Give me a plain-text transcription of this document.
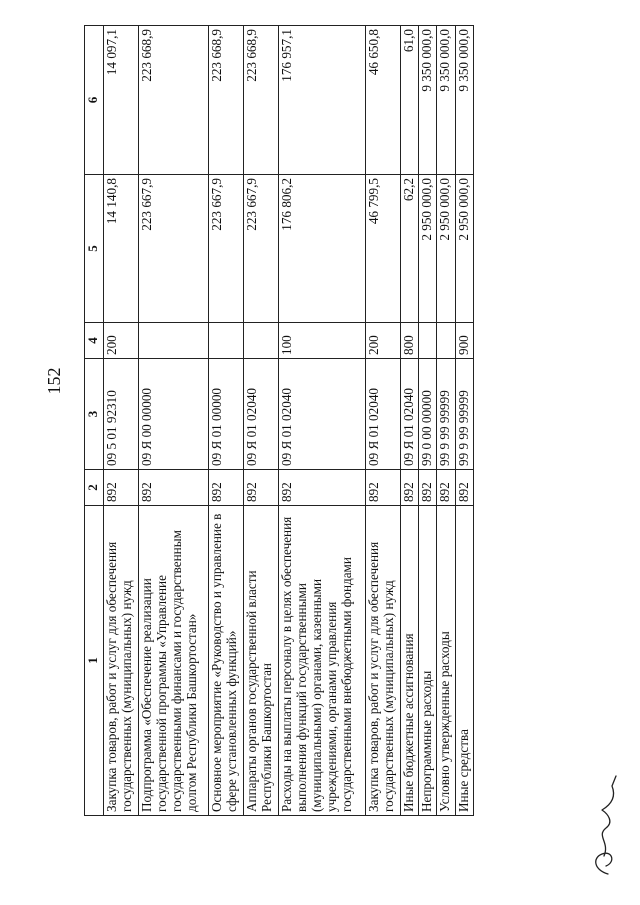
152
1	2	3	4	5	6
Закупка товаров, работ и услуг для обеспечения государственных (муниципальных) нужд	892	09 5 01 92310	200	14 140,8	14 097,1
Подпрограмма «Обеспечение реализации государственной программы «Управление государственными финансами и государственным долгом Республики Башкортостан»	892	09 Я 00 00000		223 667,9	223 668,9
Основное мероприятие «Руководство и управление в сфере установленных функций»	892	09 Я 01 00000		223 667,9	223 668,9
Аппараты органов государственной власти Республики Башкортостан	892	09 Я 01 02040		223 667,9	223 668,9
Расходы на выплаты персоналу в целях обеспечения выполнения функций государственными (муниципальными) органами, казенными учреждениями, органами управления государственными внебюджетными фондами	892	09 Я 01 02040	100	176 806,2	176 957,1
Закупка товаров, работ и услуг для обеспечения государственных (муниципальных) нужд	892	09 Я 01 02040	200	46 799,5	46 650,8
Иные бюджетные ассигнования	892	09 Я 01 02040	800	62,2	61,0
Непрограммные расходы	892	99 0 00 00000		2 950 000,0	9 350 000,0
Условно утвержденные расходы	892	99 9 99 99999		2 950 000,0	9 350 000,0
Иные средства	892	99 9 99 99999	900	2 950 000,0	9 350 000,0
